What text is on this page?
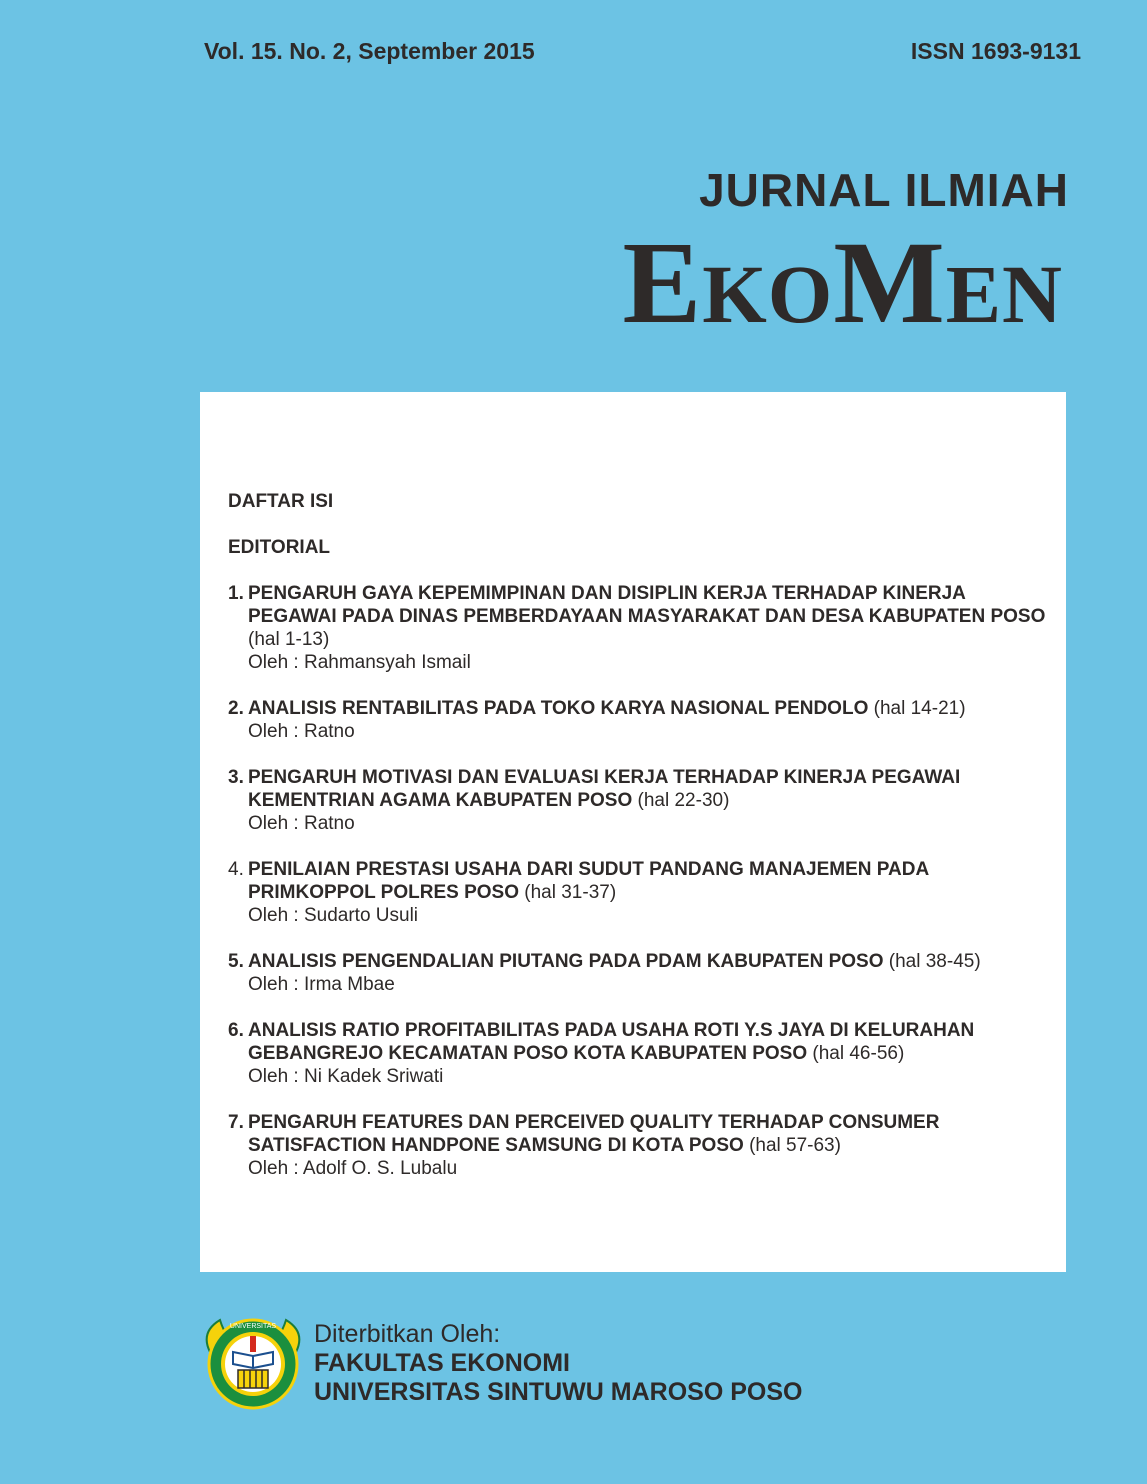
Vol. 15. No. 2, September 2015	ISSN 1693-9131
JURNAL ILMIAH
EkoMen

DAFTAR ISI

EDITORIAL

1. PENGARUH GAYA KEPEMIMPINAN DAN DISIPLIN KERJA TERHADAP KINERJA PEGAWAI PADA DINAS PEMBERDAYAAN MASYARAKAT DAN DESA KABUPATEN POSO (hal 1-13)
Oleh : Rahmansyah Ismail
2. ANALISIS RENTABILITAS PADA TOKO KARYA NASIONAL PENDOLO (hal 14-21)
Oleh : Ratno
3. PENGARUH MOTIVASI DAN EVALUASI KERJA TERHADAP KINERJA PEGAWAI KEMENTRIAN AGAMA KABUPATEN POSO (hal 22-30)
Oleh : Ratno
4. PENILAIAN PRESTASI USAHA DARI SUDUT PANDANG MANAJEMEN PADA PRIMKOPPOL POLRES POSO (hal 31-37)
Oleh : Sudarto Usuli
5. ANALISIS PENGENDALIAN PIUTANG PADA PDAM KABUPATEN POSO (hal 38-45)
Oleh : Irma Mbae
6. ANALISIS RATIO PROFITABILITAS PADA USAHA ROTI Y.S JAYA DI KELURAHAN GEBANGREJO KECAMATAN POSO KOTA KABUPATEN POSO (hal 46-56)
Oleh : Ni Kadek Sriwati
7. PENGARUH FEATURES DAN PERCEIVED QUALITY TERHADAP CONSUMER SATISFACTION HANDPONE SAMSUNG DI KOTA POSO (hal 57-63)
Oleh : Adolf O. S. Lubalu
UNIVERSITAS Diterbitkan Oleh:
FAKULTAS EKONOMI
UNIVERSITAS SINTUWU MAROSO POSO
